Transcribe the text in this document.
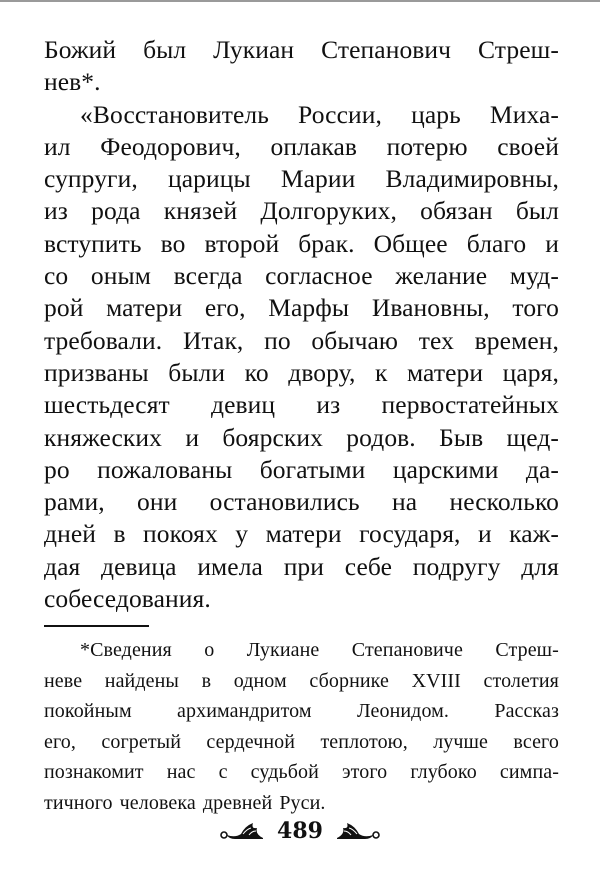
Божий был Лукиан Степанович Стреш-
нев*.
«Восстановитель России, царь Миха-
ил Феодорович, оплакав потерю своей
супруги, царицы Марии Владимировны,
из рода князей Долгоруких, обязан был
вступить во второй брак. Общее благо и
со оным всегда согласное желание муд-
рой матери его, Марфы Ивановны, того
требовали. Итак, по обычаю тех времен,
призваны были ко двору, к матери царя,
шестьдесят девиц из первостатейных
княжеских и боярских родов. Быв щед-
ро пожалованы богатыми царскими да-
рами, они остановились на несколько
дней в покоях у матери государя, и каж-
дая девица имела при себе подругу для
собеседования.
*Сведения о Лукиане Степановиче Стреш-
неве найдены в одном сборнике XVIII столетия
покойным архимандритом Леонидом. Рассказ
его, согретый сердечной теплотою, лучше всего
познакомит нас с судьбой этого глубоко симпа-
тичного человека древней Руси.
489
